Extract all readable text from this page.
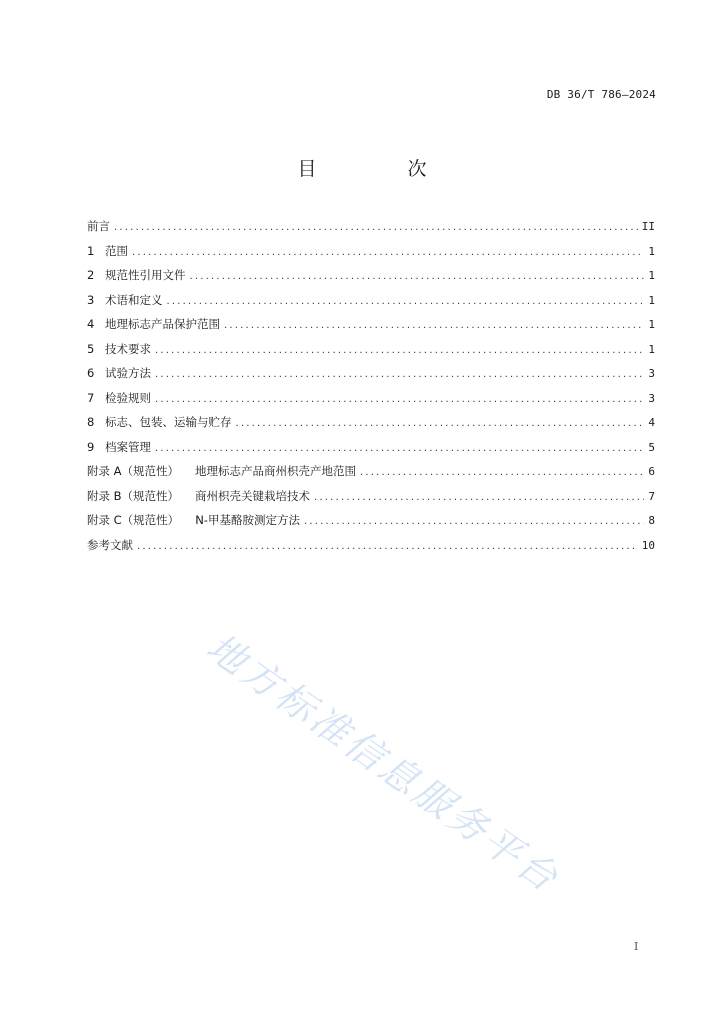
DB 36/T 786—2024
目　次
前言 .....	II
1 范围 .....	1
2 规范性引用文件 .....	1
3 术语和定义 .....	1
4 地理标志产品保护范围 .....	1
5 技术要求 .....	1
6 试验方法 .....	3
7 检验规则 .....	3
8 标志、包装、运输与贮存 .....	4
9 档案管理 .....	5
附录 A（规范性） 地理标志产品商州枳壳产地范围 .....	6
附录 B（规范性） 商州枳壳关键栽培技术 .....	7
附录 C（规范性） N-甲基酪胺测定方法 .....	8
参考文献 .....	10
地方标准信息服务平台
I
